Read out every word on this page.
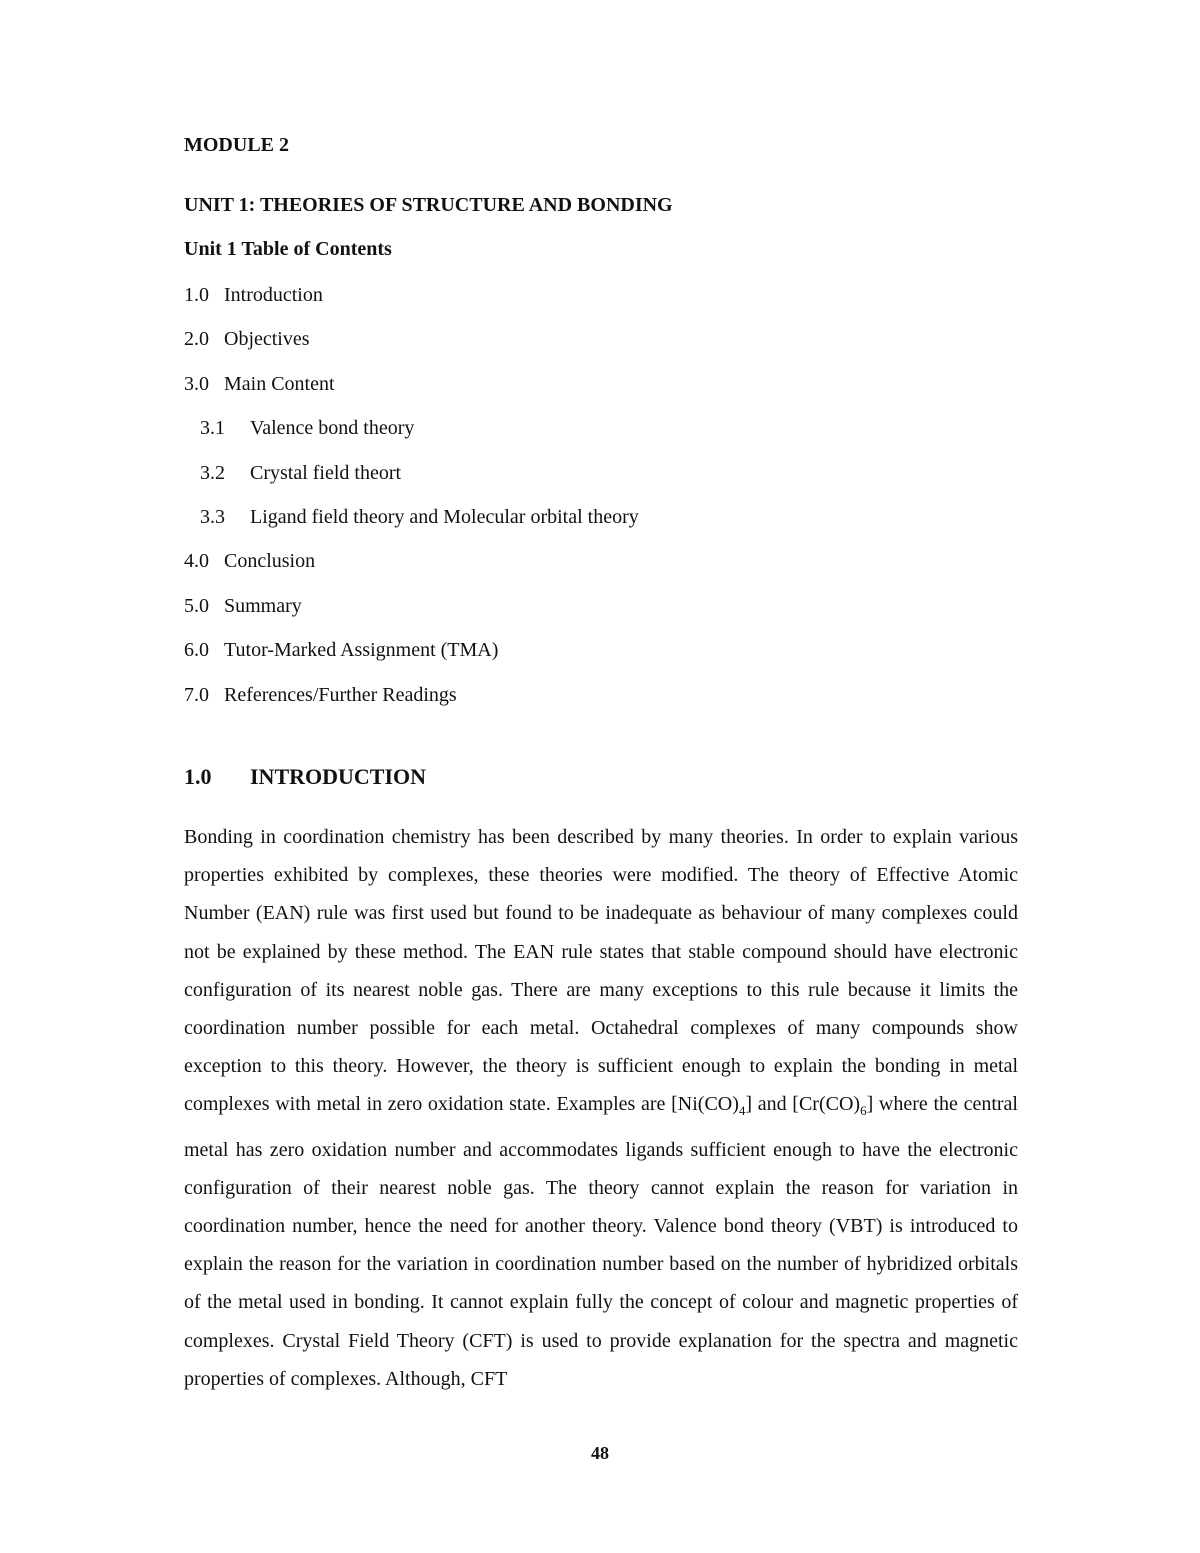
MODULE 2
UNIT 1: THEORIES OF STRUCTURE AND BONDING
Unit 1 Table of Contents
1.0 Introduction
2.0 Objectives
3.0 Main Content
3.1	Valence bond theory
3.2	Crystal field theort
3.3	Ligand field theory and Molecular orbital theory
4.0 Conclusion
5.0 Summary
6.0 Tutor-Marked Assignment (TMA)
7.0 References/Further Readings
1.0	INTRODUCTION

Bonding in coordination chemistry has been described by many theories. In order to explain various properties exhibited by complexes, these theories were modified. The theory of Effective Atomic Number (EAN) rule was first used but found to be inadequate as behaviour of many complexes could not be explained by these method. The EAN rule states that stable compound should have electronic configuration of its nearest noble gas. There are many exceptions to this rule because it limits the coordination number possible for each metal. Octahedral complexes of many compounds show exception to this theory. However, the theory is sufficient enough to explain the bonding in metal complexes with metal in zero oxidation state. Examples are $[Ni(CO)_4]$ and $[Cr(CO)_6]$ where the central metal has zero oxidation number and accommodates ligands sufficient enough to have the electronic configuration of their nearest noble gas. The theory cannot explain the reason for variation in coordination number, hence the need for another theory. Valence bond theory (VBT) is introduced to explain the reason for the variation in coordination number based on the number of hybridized orbitals of the metal used in bonding. It cannot explain fully the concept of colour and magnetic properties of complexes. Crystal Field Theory (CFT) is used to provide explanation for the spectra and magnetic properties of complexes. Although, CFT

48
